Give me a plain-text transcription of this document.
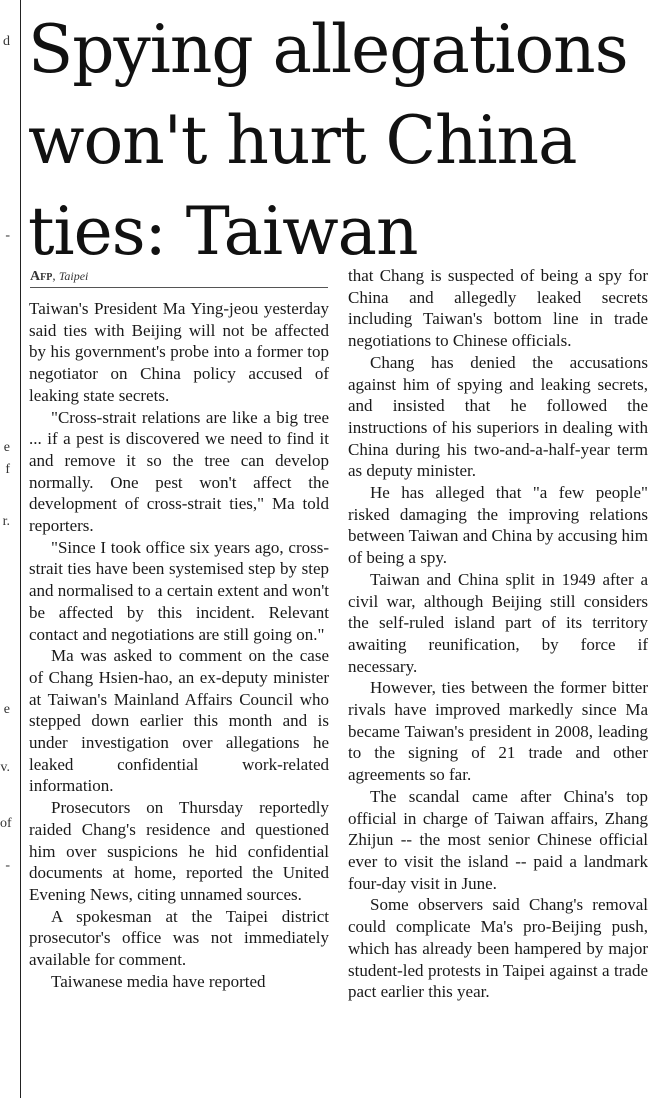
d
-
e
f
r.
e
v.
of
-
Spying allegations
won't hurt China
ties: Taiwan
Afp, Taipei

Taiwan's President Ma Ying-jeou yesterday said ties with Beijing will not be affected by his government's probe into a former top negotiator on China policy accused of leaking state secrets.

"Cross-strait relations are like a big tree ... if a pest is discovered we need to find it and remove it so the tree can develop normally. One pest won't affect the development of cross-strait ties," Ma told reporters.

"Since I took office six years ago, cross-strait ties have been systemised step by step and normalised to a certain extent and won't be affected by this incident. Relevant contact and negotiations are still going on."

Ma was asked to comment on the case of Chang Hsien-hao, an ex-deputy minister at Taiwan's Mainland Affairs Council who stepped down earlier this month and is under investigation over allegations he leaked confidential work-related information.

Prosecutors on Thursday reportedly raided Chang's residence and questioned him over suspicions he hid confidential documents at home, reported the United Evening News, citing unnamed sources.

A spokesman at the Taipei district prosecutor's office was not immediately available for comment.

Taiwanese media have reported

that Chang is suspected of being a spy for China and allegedly leaked secrets including Taiwan's bottom line in trade negotiations to Chinese officials.

Chang has denied the accusations against him of spying and leaking secrets, and insisted that he followed the instructions of his superiors in dealing with China during his two-and-a-half-year term as deputy minister.

He has alleged that "a few people" risked damaging the improving relations between Taiwan and China by accusing him of being a spy.

Taiwan and China split in 1949 after a civil war, although Beijing still considers the self-ruled island part of its territory awaiting reunification, by force if necessary.

However, ties between the former bitter rivals have improved markedly since Ma became Taiwan's president in 2008, leading to the signing of 21 trade and other agreements so far.

The scandal came after China's top official in charge of Taiwan affairs, Zhang Zhijun -- the most senior Chinese official ever to visit the island -- paid a landmark four-day visit in June.

Some observers said Chang's removal could complicate Ma's pro-Beijing push, which has already been hampered by major student-led protests in Taipei against a trade pact earlier this year.
